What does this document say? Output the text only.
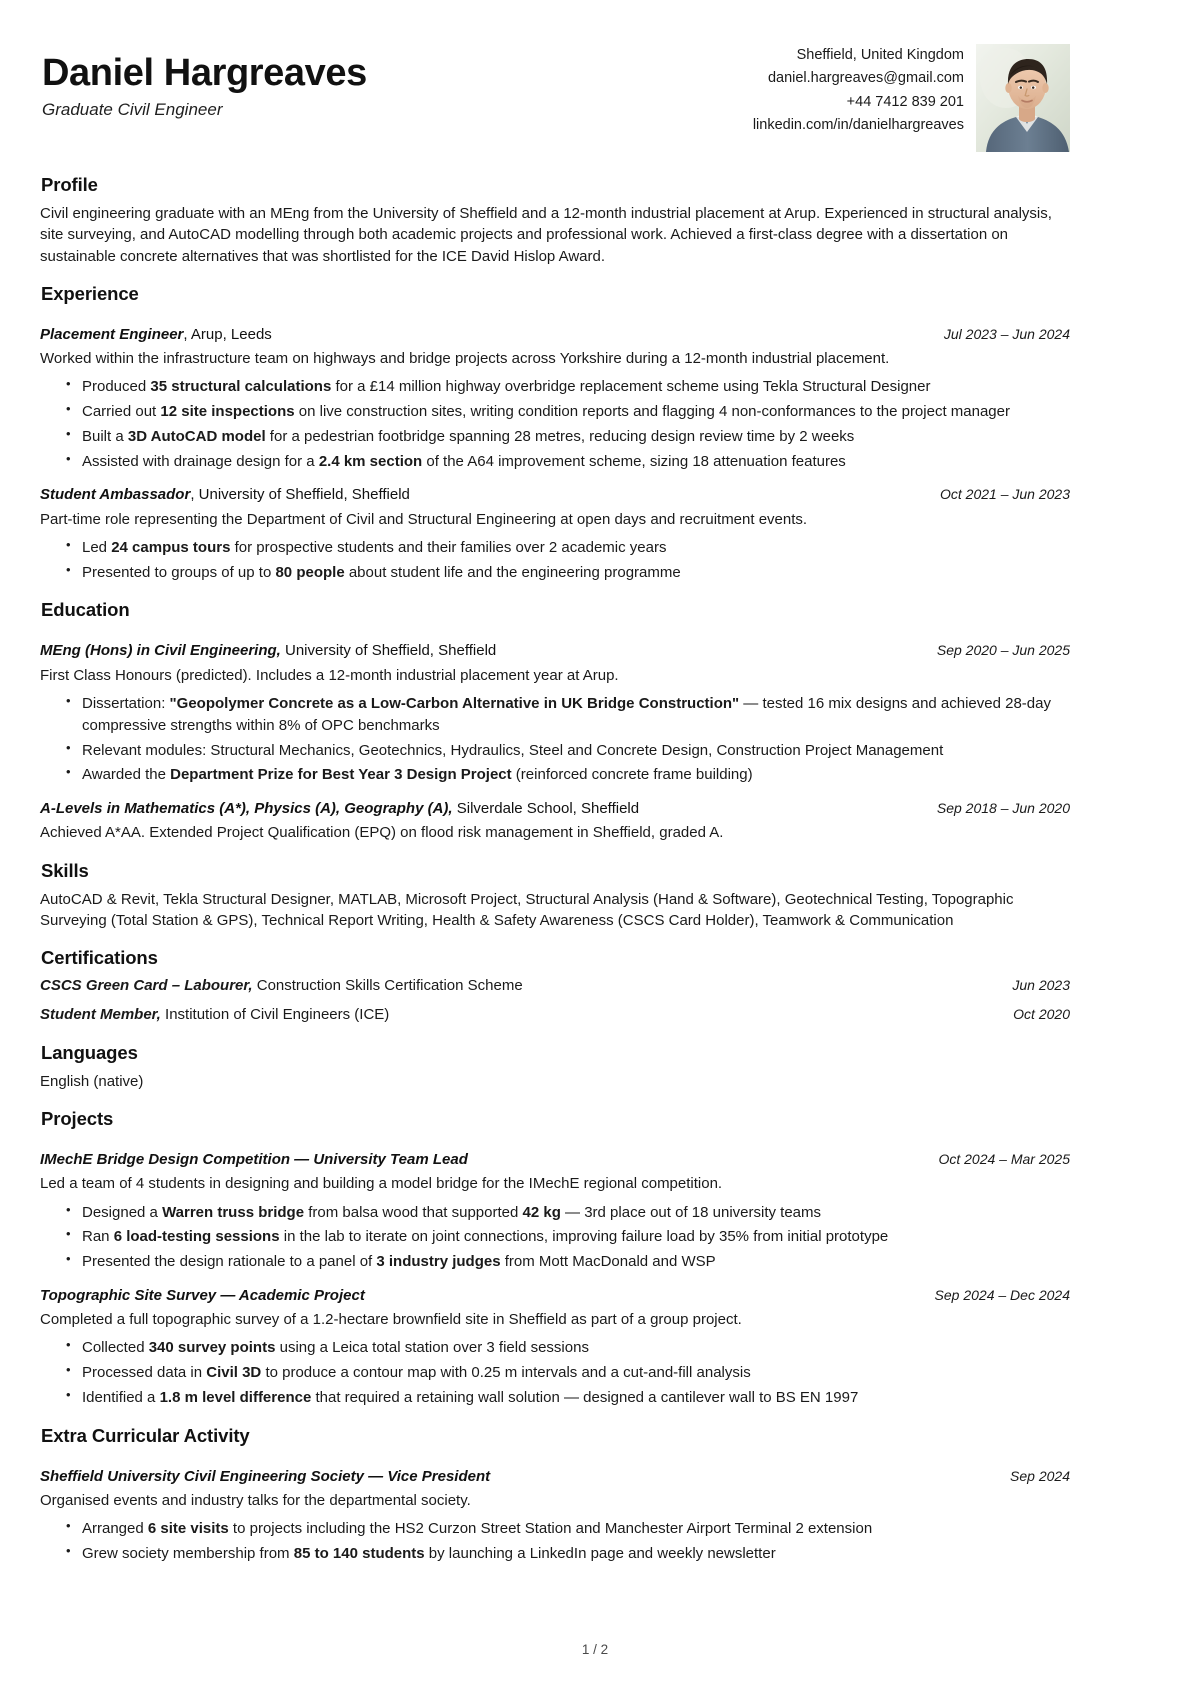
Daniel Hargreaves
Graduate Civil Engineer
Sheffield, United Kingdom
daniel.hargreaves@gmail.com
+44 7412 839 201
linkedin.com/in/danielhargreaves
Profile

Civil engineering graduate with an MEng from the University of Sheffield and a 12-month industrial placement at Arup. Experienced in structural analysis, site surveying, and AutoCAD modelling through both academic projects and professional work. Achieved a first-class degree with a dissertation on sustainable concrete alternatives that was shortlisted for the ICE David Hislop Award.

Experience
Placement Engineer, Arup, Leeds	Jul 2023 – Jun 2024
Worked within the infrastructure team on highways and bridge projects across Yorkshire during a 12-month industrial placement.
• Produced 35 structural calculations for a £14 million highway overbridge replacement scheme using Tekla Structural Designer
• Carried out 12 site inspections on live construction sites, writing condition reports and flagging 4 non-conformances to the project manager
• Built a 3D AutoCAD model for a pedestrian footbridge spanning 28 metres, reducing design review time by 2 weeks
• Assisted with drainage design for a 2.4 km section of the A64 improvement scheme, sizing 18 attenuation features
Student Ambassador, University of Sheffield, Sheffield	Oct 2021 – Jun 2023
Part-time role representing the Department of Civil and Structural Engineering at open days and recruitment events.
• Led 24 campus tours for prospective students and their families over 2 academic years
• Presented to groups of up to 80 people about student life and the engineering programme
Education
MEng (Hons) in Civil Engineering, University of Sheffield, Sheffield	Sep 2020 – Jun 2025
First Class Honours (predicted). Includes a 12-month industrial placement year at Arup.
• Dissertation: "Geopolymer Concrete as a Low-Carbon Alternative in UK Bridge Construction" — tested 16 mix designs and achieved 28-day compressive strengths within 8% of OPC benchmarks
• Relevant modules: Structural Mechanics, Geotechnics, Hydraulics, Steel and Concrete Design, Construction Project Management
• Awarded the Department Prize for Best Year 3 Design Project (reinforced concrete frame building)
A-Levels in Mathematics (A*), Physics (A), Geography (A), Silverdale School, Sheffield	Sep 2018 – Jun 2020
Achieved A*AA. Extended Project Qualification (EPQ) on flood risk management in Sheffield, graded A.
Skills

AutoCAD & Revit, Tekla Structural Designer, MATLAB, Microsoft Project, Structural Analysis (Hand & Software), Geotechnical Testing, Topographic Surveying (Total Station & GPS), Technical Report Writing, Health & Safety Awareness (CSCS Card Holder), Teamwork & Communication

Certifications
CSCS Green Card – Labourer, Construction Skills Certification Scheme	Jun 2023
Student Member, Institution of Civil Engineers (ICE)	Oct 2020
Languages

English (native)

Projects
IMechE Bridge Design Competition — University Team Lead	Oct 2024 – Mar 2025
Led a team of 4 students in designing and building a model bridge for the IMechE regional competition.
• Designed a Warren truss bridge from balsa wood that supported 42 kg — 3rd place out of 18 university teams
• Ran 6 load-testing sessions in the lab to iterate on joint connections, improving failure load by 35% from initial prototype
• Presented the design rationale to a panel of 3 industry judges from Mott MacDonald and WSP
Topographic Site Survey — Academic Project	Sep 2024 – Dec 2024
Completed a full topographic survey of a 1.2-hectare brownfield site in Sheffield as part of a group project.
• Collected 340 survey points using a Leica total station over 3 field sessions
• Processed data in Civil 3D to produce a contour map with 0.25 m intervals and a cut-and-fill analysis
• Identified a 1.8 m level difference that required a retaining wall solution — designed a cantilever wall to BS EN 1997
Extra Curricular Activity
Sheffield University Civil Engineering Society — Vice President	Sep 2024
Organised events and industry talks for the departmental society.
• Arranged 6 site visits to projects including the HS2 Curzon Street Station and Manchester Airport Terminal 2 extension
• Grew society membership from 85 to 140 students by launching a LinkedIn page and weekly newsletter
1 / 2
